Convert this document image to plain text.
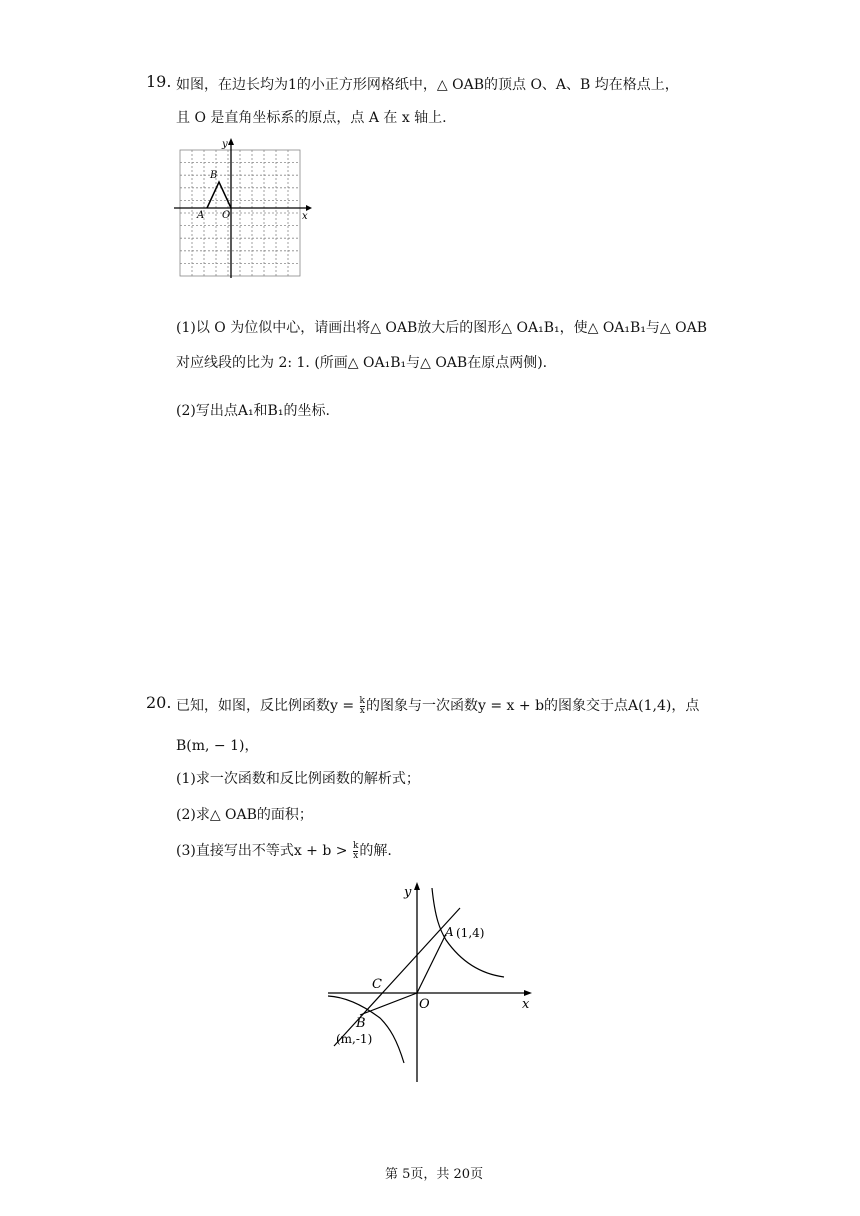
19. 如图，在边长均为1的小正方形网格纸中，△ OAB的顶点 O、A、B 均在格点上，
且 O 是直角坐标系的原点，点 A 在 x 轴上.
y
x
B
A O
(1)以 O 为位似中心，请画出将△ OAB放大后的图形△ OA₁B₁，使△ OA₁B₁与△ OAB
对应线段的比为 2: 1. (所画△ OA₁B₁与△ OAB在原点两侧).
(2)写出点A₁和B₁的坐标.
20. 已知，如图，反比例函数$y = \frac{k}{x}$ 的图象与一次函数y = x + b的图象交于点A(1,4)，点
B(m, − 1)，
(1)求一次函数和反比例函数的解析式；
(2)求△ OAB的面积；
(3)直接写出不等式$x + b > \frac{k}{x}$ 的解.
y
x
A (1,4)
C
O
B
(m,-1)
第 5页，共 20页
